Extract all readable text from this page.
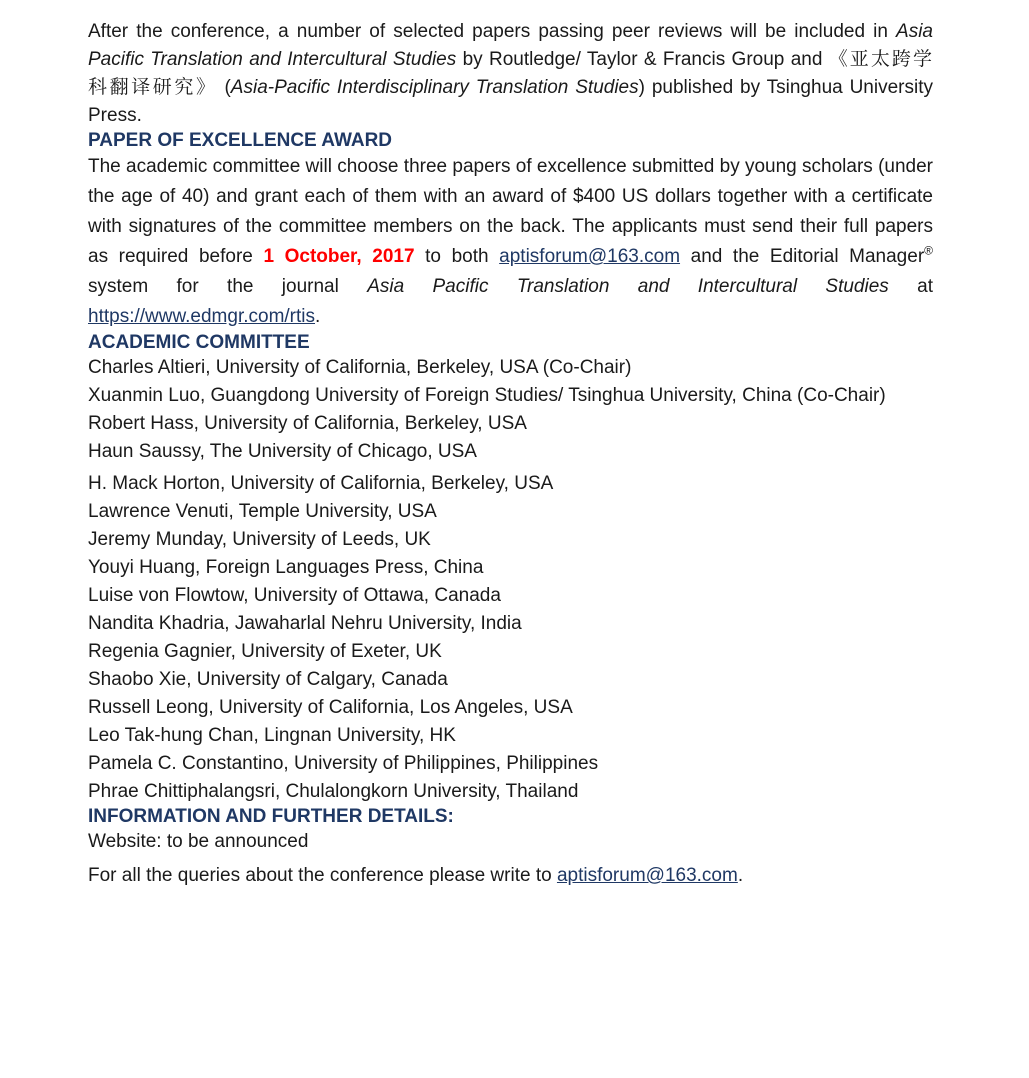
After the conference, a number of selected papers passing peer reviews will be included in Asia Pacific Translation and Intercultural Studies by Routledge/ Taylor & Francis Group and 《亚太跨学科翻译研究》 (Asia-Pacific Interdisciplinary Translation Studies) published by Tsinghua University Press.

PAPER OF EXCELLENCE AWARD

The academic committee will choose three papers of excellence submitted by young scholars (under the age of 40) and grant each of them with an award of $400 US dollars together with a certificate with signatures of the committee members on the back. The applicants must send their full papers as required before 1 October, 2017 to both aptisforum@163.com and the Editorial Manager® system for the journal Asia Pacific Translation and Intercultural Studies at https://www.edmgr.com/rtis.

ACADEMIC COMMITTEE
Charles Altieri, University of California, Berkeley, USA (Co-Chair)
Xuanmin Luo, Guangdong University of Foreign Studies/ Tsinghua University, China (Co-Chair)
Robert Hass, University of California, Berkeley, USA
Haun Saussy, The University of Chicago, USA
H. Mack Horton, University of California, Berkeley, USA
Lawrence Venuti, Temple University, USA
Jeremy Munday, University of Leeds, UK
Youyi Huang, Foreign Languages Press, China
Luise von Flowtow, University of Ottawa, Canada
Nandita Khadria, Jawaharlal Nehru University, India
Regenia Gagnier, University of Exeter, UK
Shaobo Xie, University of Calgary, Canada
Russell Leong, University of California, Los Angeles, USA
Leo Tak-hung Chan, Lingnan University, HK
Pamela C. Constantino, University of Philippines, Philippines
Phrae Chittiphalangsri, Chulalongkorn University, Thailand
INFORMATION AND FURTHER DETAILS:

Website: to be announced

For all the queries about the conference please write to aptisforum@163.com.
